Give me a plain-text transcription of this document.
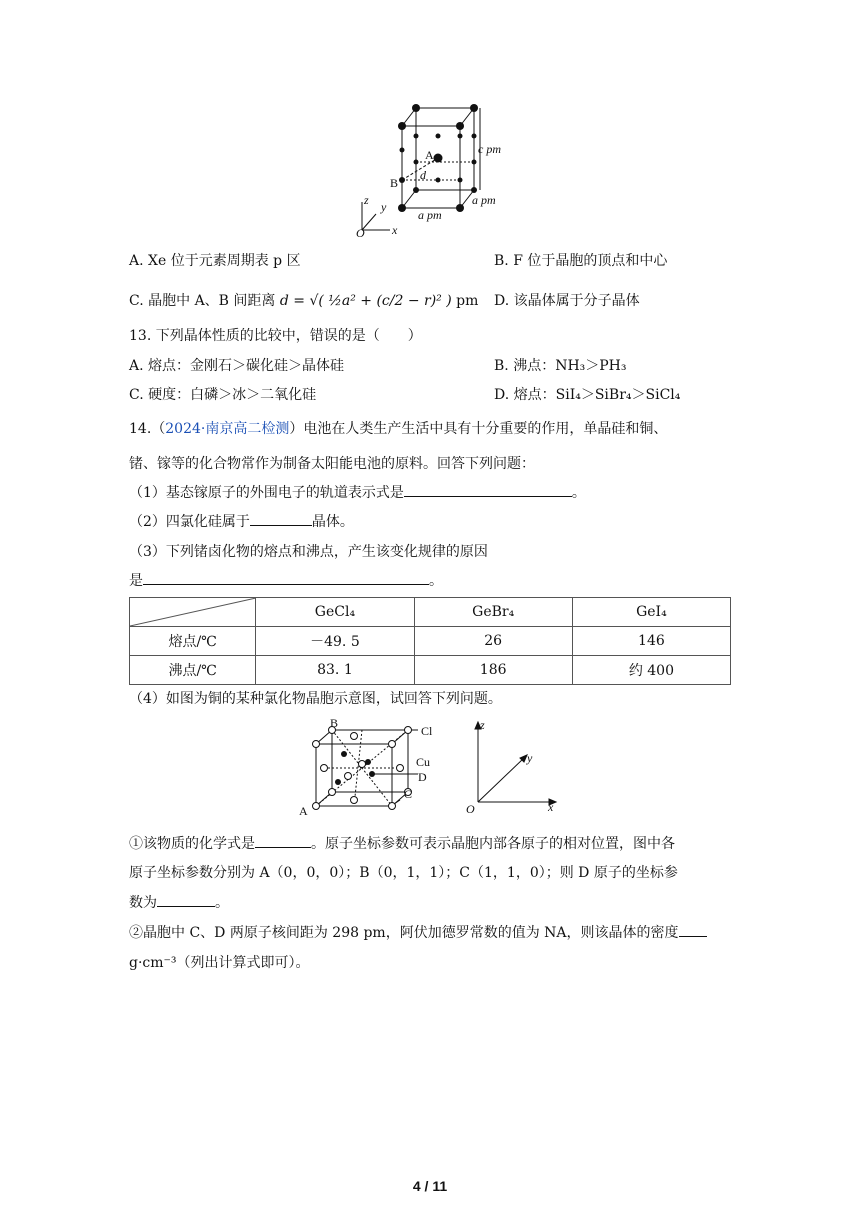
A
B
d
c pm
a pm
a pm
z y
x
O
A. Xe 位于元素周期表 p 区	B. F 位于晶胞的顶点和中心
C. 晶胞中 A、B 间距离 d = √( ½a² + (c/2 − r)² ) pm D. 该晶体属于分子晶体
13. 下列晶体性质的比较中，错误的是（　　）
A. 熔点：金刚石＞碳化硅＞晶体硅	B. 沸点：NH₃＞PH₃
C. 硬度：白磷＞冰＞二氧化硅	D. 熔点：SiI₄＞SiBr₄＞SiCl₄
14.（2024·南京高二检测）电池在人类生产生活中具有十分重要的作用，单晶硅和铜、
锗、镓等的化合物常作为制备太阳能电池的原料。回答下列问题：
（1）基态镓原子的外围电子的轨道表示式是	。
（2）四氯化硅属于	晶体。
（3）下列锗卤化物的熔点和沸点，产生该变化规律的原因
是	。
	GeCl₄	GeBr₄	GeI₄
熔点/℃	－49. 5	26	146
沸点/℃	83. 1	186	约 400
（4）如图为铜的某种氯化物晶胞示意图，试回答下列问题。
B
Cl
Cu
D
C
A
z
y
x
O
①该物质的化学式是	。原子坐标参数可表示晶胞内部各原子的相对位置，图中各
原子坐标参数分别为 A（0，0，0）；B（0，1，1）；C（1，1，0）；则 D 原子的坐标参
数为	。
②晶胞中 C、D 两原子核间距为 298 pm，阿伏加德罗常数的值为 NA，则该晶体的密度
g·cm⁻³（列出计算式即可）。
4 / 11
